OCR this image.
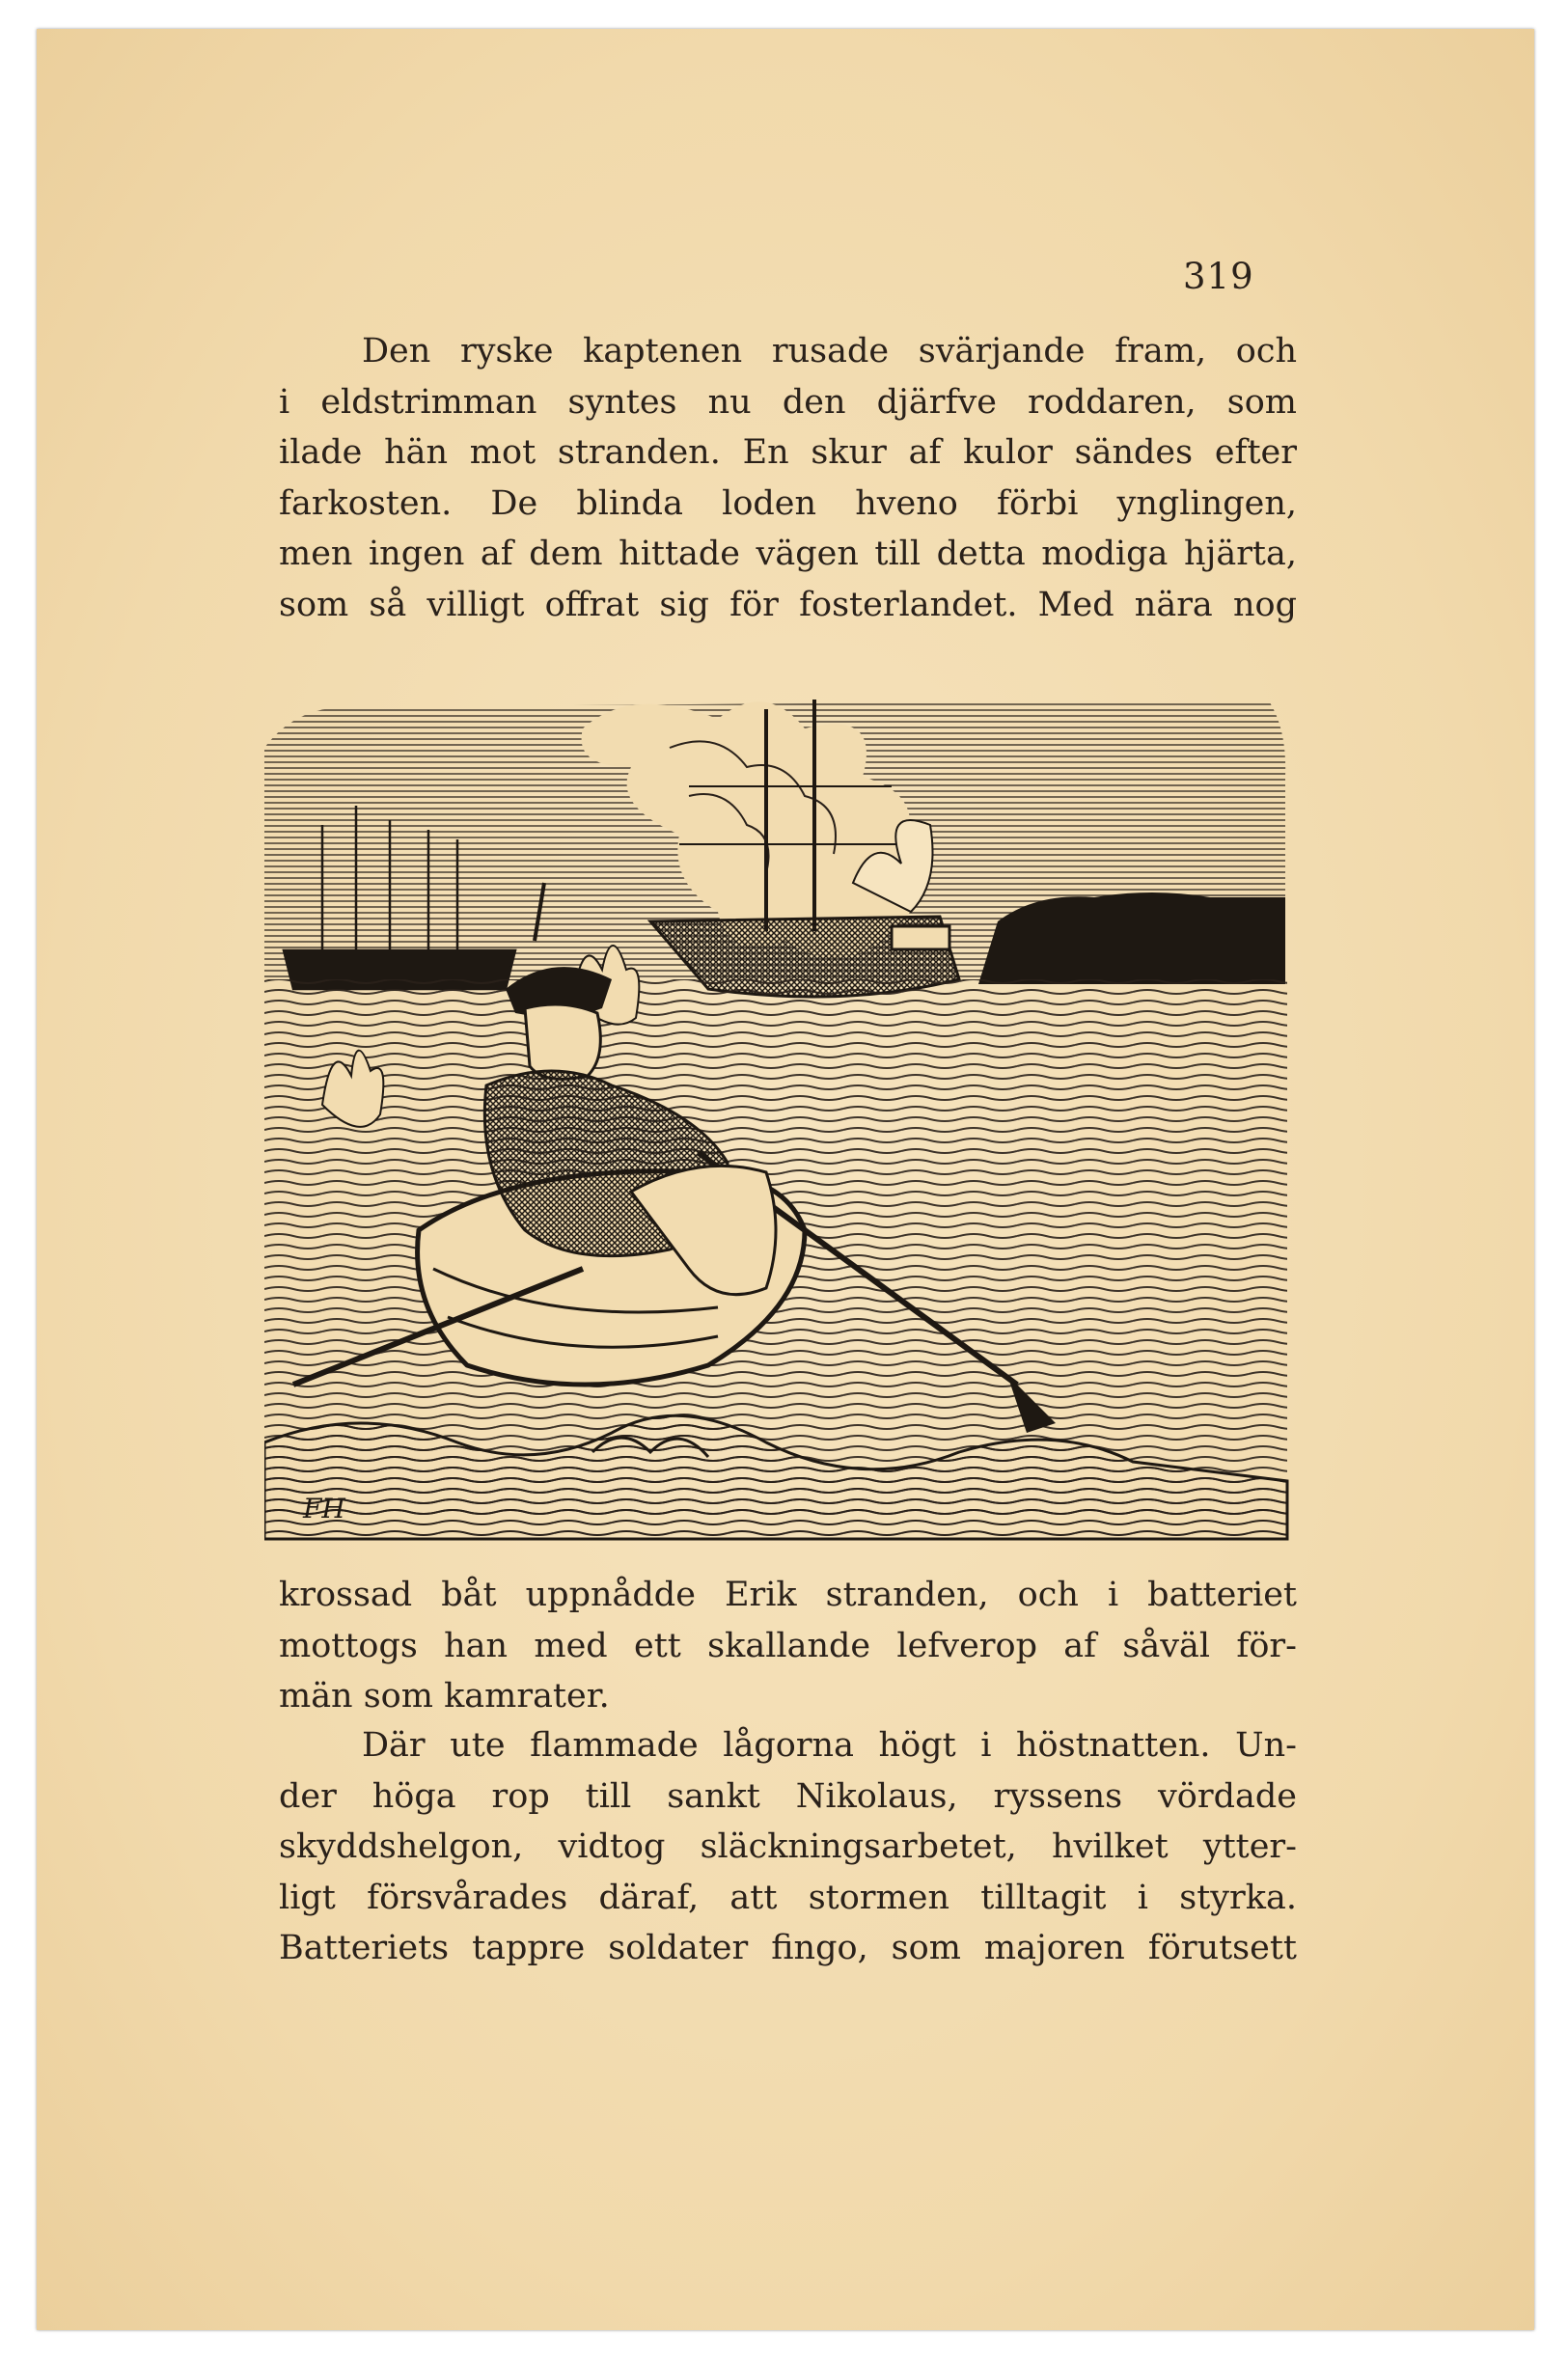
319

Den ryske kaptenen rusade svärjande fram, och
i eldstrimman syntes nu den djärfve roddaren, som
ilade hän mot stranden. En skur af kulor sändes efter
farkosten. De blinda loden hveno förbi ynglingen,
men ingen af dem hittade vägen till detta modiga hjärta,
som så villigt offrat sig för fosterlandet. Med nära nog

FH

krossad båt uppnådde Erik stranden, och i batteriet
mottogs han med ett skallande lefverop af såväl för-
män som kamrater.

Där ute flammade lågorna högt i höstnatten. Un-
der höga rop till sankt Nikolaus, ryssens vördade
skyddshelgon, vidtog släckningsarbetet, hvilket ytter-
ligt försvårades däraf, att stormen tilltagit i styrka.
Batteriets tappre soldater fingo, som majoren förutsett
